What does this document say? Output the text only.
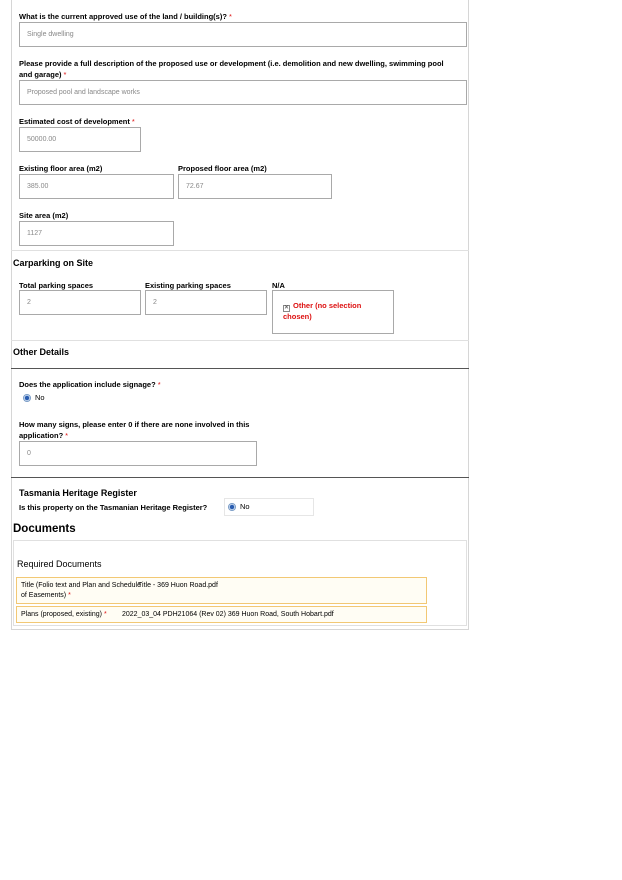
What is the current approved use of the land / building(s)? *
Single dwelling
Please provide a full description of the proposed use or development (i.e. demolition and new dwelling, swimming pool and garage) *
Proposed pool and landscape works
Estimated cost of development *
50000.00
Existing floor area (m2)
385.00
Proposed floor area (m2)
72.67
Site area (m2)
1127
Carparking on Site
Total parking spaces
2
Existing parking spaces
2
N/A
✕ Other (no selection chosen)
Other Details
Does the application include signage? *
No
How many signs, please enter 0 if there are none involved in this application? *
0
Tasmania Heritage Register
Is this property on the Tasmanian Heritage Register?	No
Documents
Required Documents
Title (Folio text and Plan and Schedule of Easements) *
Title - 369 Huon Road.pdf
Plans (proposed, existing) * 2022_03_04 PDH21064 (Rev 02) 369 Huon Road, South Hobart.pdf
